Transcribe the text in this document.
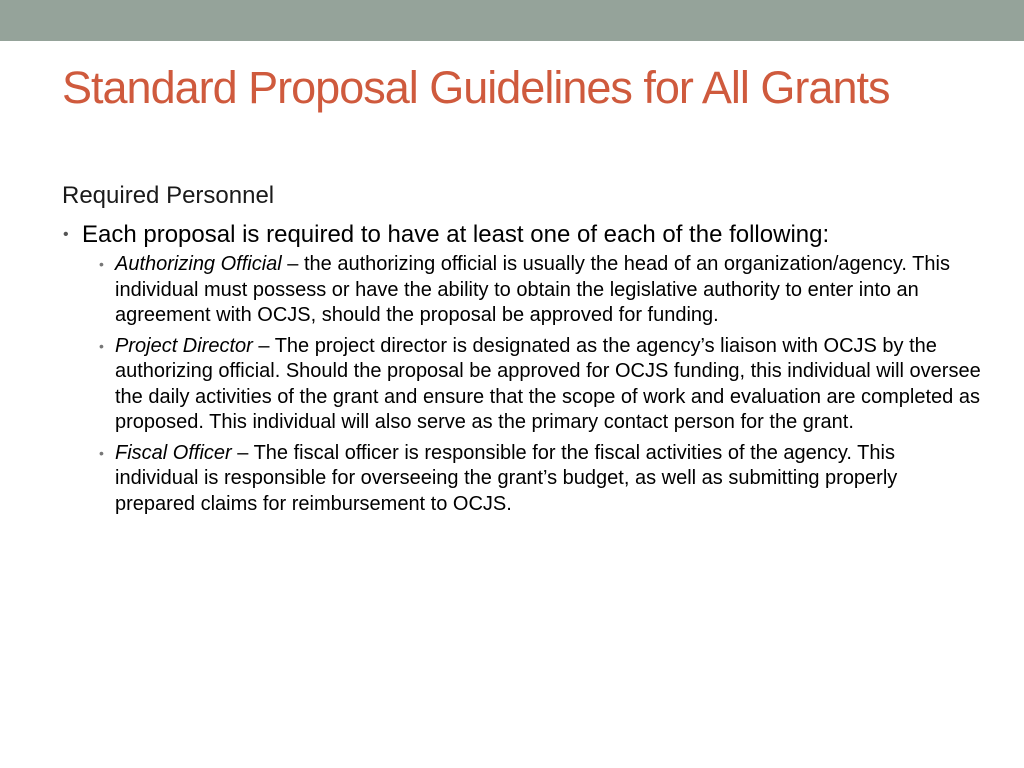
Standard Proposal Guidelines for All Grants

Required Personnel

• Each proposal is required to have at least one of each of the following:
• Authorizing Official – the authorizing official is usually the head of an organization/agency. This individual must possess or have the ability to obtain the legislative authority to enter into an agreement with OCJS, should the proposal be approved for funding.
• Project Director – The project director is designated as the agency’s liaison with OCJS by the authorizing official. Should the proposal be approved for OCJS funding, this individual will oversee the daily activities of the grant and ensure that the scope of work and evaluation are completed as proposed. This individual will also serve as the primary contact person for the grant.
• Fiscal Officer – The fiscal officer is responsible for the fiscal activities of the agency. This individual is responsible for overseeing the grant’s budget, as well as submitting properly prepared claims for reimbursement to OCJS.
